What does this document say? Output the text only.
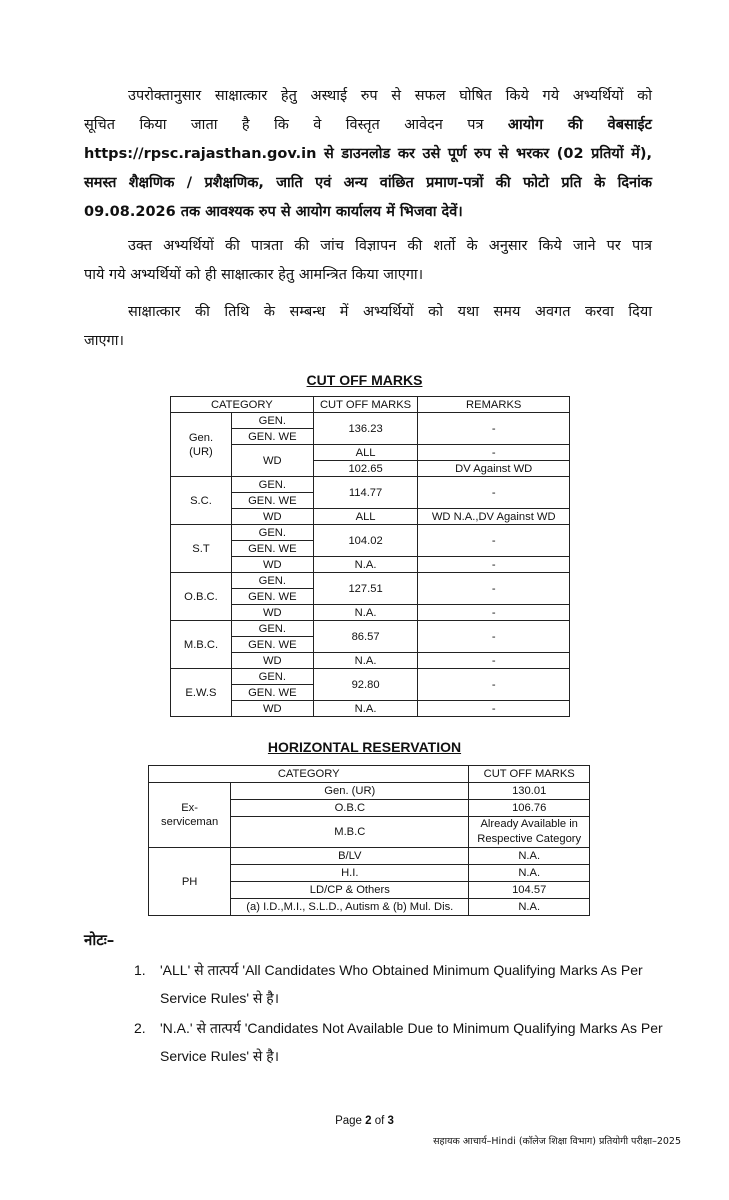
उपरोक्तानुसार साक्षात्कार हेतु अस्थाई रुप से सफल घोषित किये गये अभ्यर्थियों को
सूचित किया जाता है कि वे विस्तृत आवेदन पत्र आयोग की वेबसाईट
https://rpsc.rajasthan.gov.in से डाउनलोड कर उसे पूर्ण रुप से भरकर (02 प्रतियों में),
समस्त शैक्षणिक / प्रशैक्षणिक, जाति एवं अन्य वांछित प्रमाण-पत्रों की फोटो प्रति के दिनांक
09.08.2026 तक आवश्यक रुप से आयोग कार्यालय में भिजवा देवें।
उक्त अभ्यर्थियों की पात्रता की जांच विज्ञापन की शर्तो के अनुसार किये जाने पर पात्र
पाये गये अभ्यर्थियों को ही साक्षात्कार हेतु आमन्त्रित किया जाएगा।
साक्षात्कार की तिथि के सम्बन्ध में अभ्यर्थियों को यथा समय अवगत करवा दिया
जाएगा।
CUT OFF MARKS
CATEGORY		CUT OFF MARKS	REMARKS
Gen. (UR)	GEN.	136.23	-
	GEN. WE		
	WD	ALL	-
		102.65	DV Against WD
S.C.	GEN.	114.77	-
	GEN. WE		
	WD	ALL	WD N.A.,DV Against WD
S.T	GEN.	104.02	-
	GEN. WE		
	WD	N.A.	-
O.B.C.	GEN.	127.51	-
	GEN. WE		
	WD	N.A.	-
M.B.C.	GEN.	86.57	-
	GEN. WE		
	WD	N.A.	-
E.W.S	GEN.	92.80	-
	GEN. WE		
	WD	N.A.	-
HORIZONTAL RESERVATION
CATEGORY		CUT OFF MARKS
Ex-serviceman	Gen. (UR)	130.01
	O.B.C	106.76
	M.B.C	Already Available in Respective Category
PH	B/LV	N.A.
	H.I.	N.A.
	LD/CP & Others	104.57
	(a) I.D.,M.I., S.L.D., Autism & (b) Mul. Dis.	N.A.
नोटः–
1. 'ALL' से तात्पर्य 'All Candidates Who Obtained Minimum Qualifying Marks As Per Service Rules' से है।
2. 'N.A.' से तात्पर्य 'Candidates Not Available Due to Minimum Qualifying Marks As Per Service Rules' से है।
Page 2 of 3
सहायक आचार्य–Hindi (कॉलेज शिक्षा विभाग) प्रतियोगी परीक्षा–2025
